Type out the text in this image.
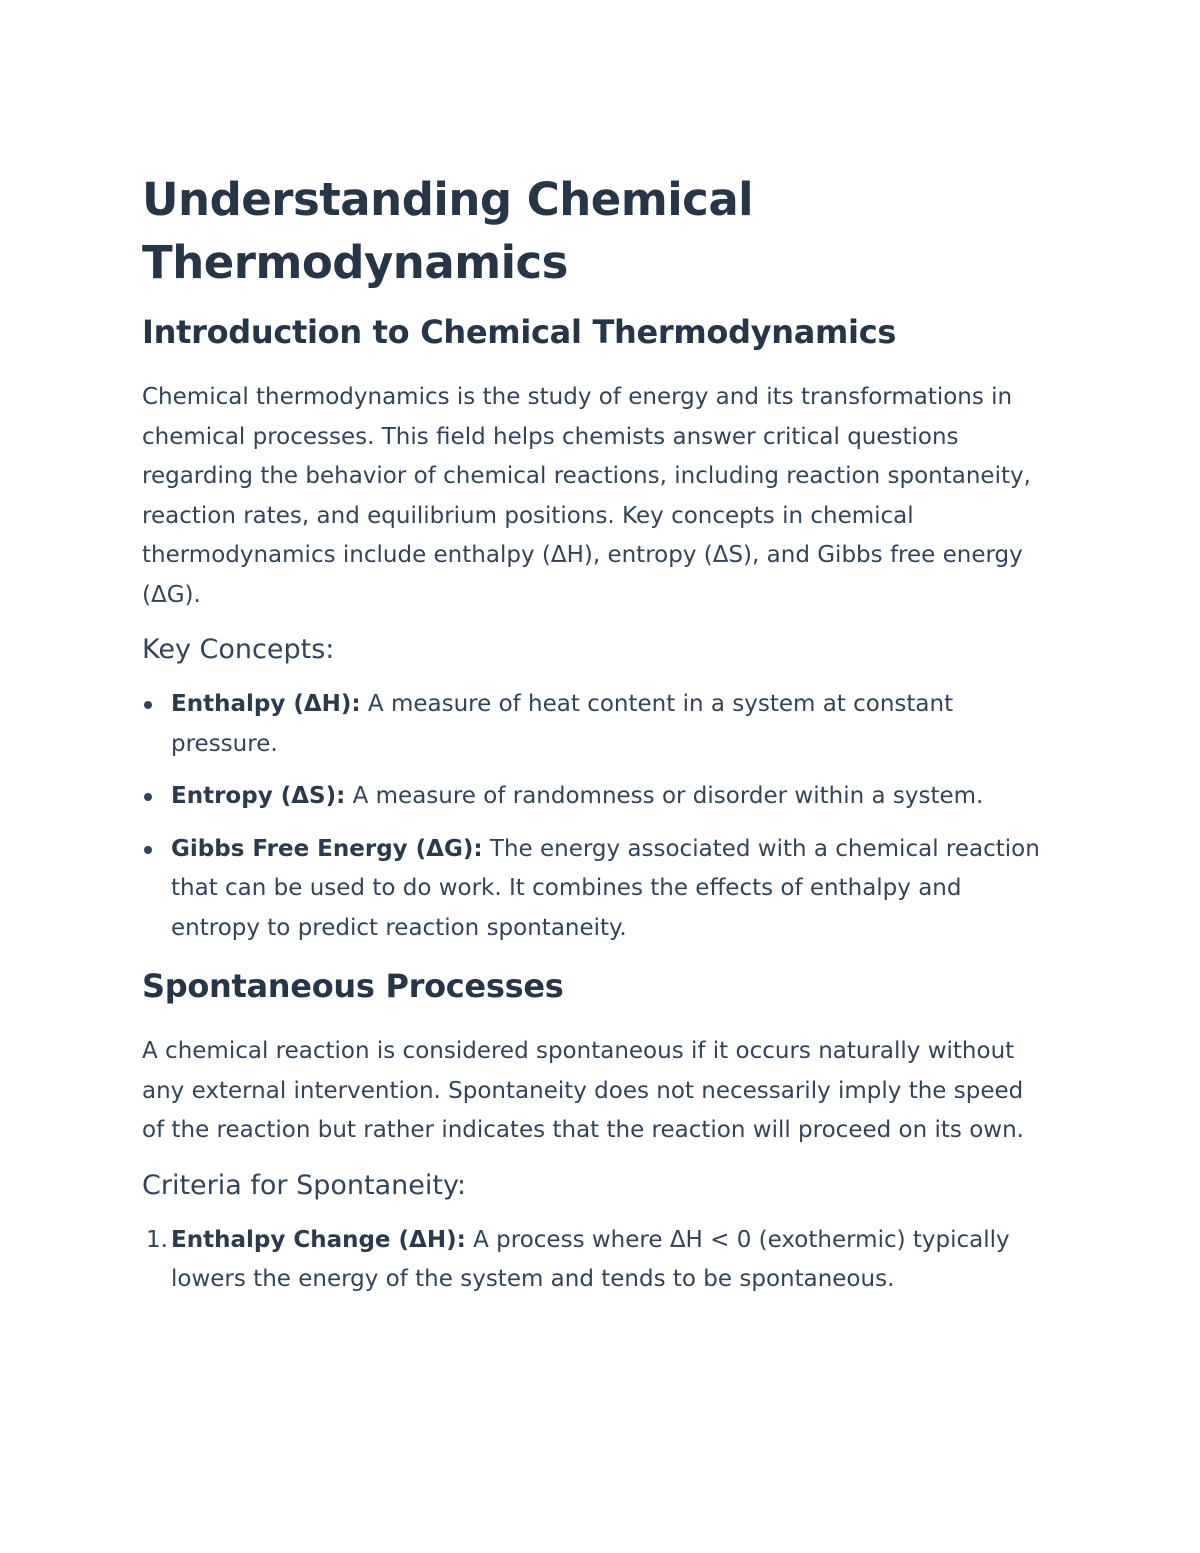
Understanding Chemical Thermodynamics
Introduction to Chemical Thermodynamics

Chemical thermodynamics is the study of energy and its transformations in chemical processes. This field helps chemists answer critical questions regarding the behavior of chemical reactions, including reaction spontaneity, reaction rates, and equilibrium positions. Key concepts in chemical thermodynamics include enthalpy (ΔH), entropy (ΔS), and Gibbs free energy (ΔG).

Key Concepts:
Enthalpy (ΔH): A measure of heat content in a system at constant pressure.
Entropy (ΔS): A measure of randomness or disorder within a system.
Gibbs Free Energy (ΔG): The energy associated with a chemical reaction that can be used to do work. It combines the effects of enthalpy and entropy to predict reaction spontaneity.
Spontaneous Processes

A chemical reaction is considered spontaneous if it occurs naturally without any external intervention. Spontaneity does not necessarily imply the speed of the reaction but rather indicates that the reaction will proceed on its own.

Criteria for Spontaneity:
1. Enthalpy Change (ΔH): A process where ΔH < 0 (exothermic) typically lowers the energy of the system and tends to be spontaneous.
